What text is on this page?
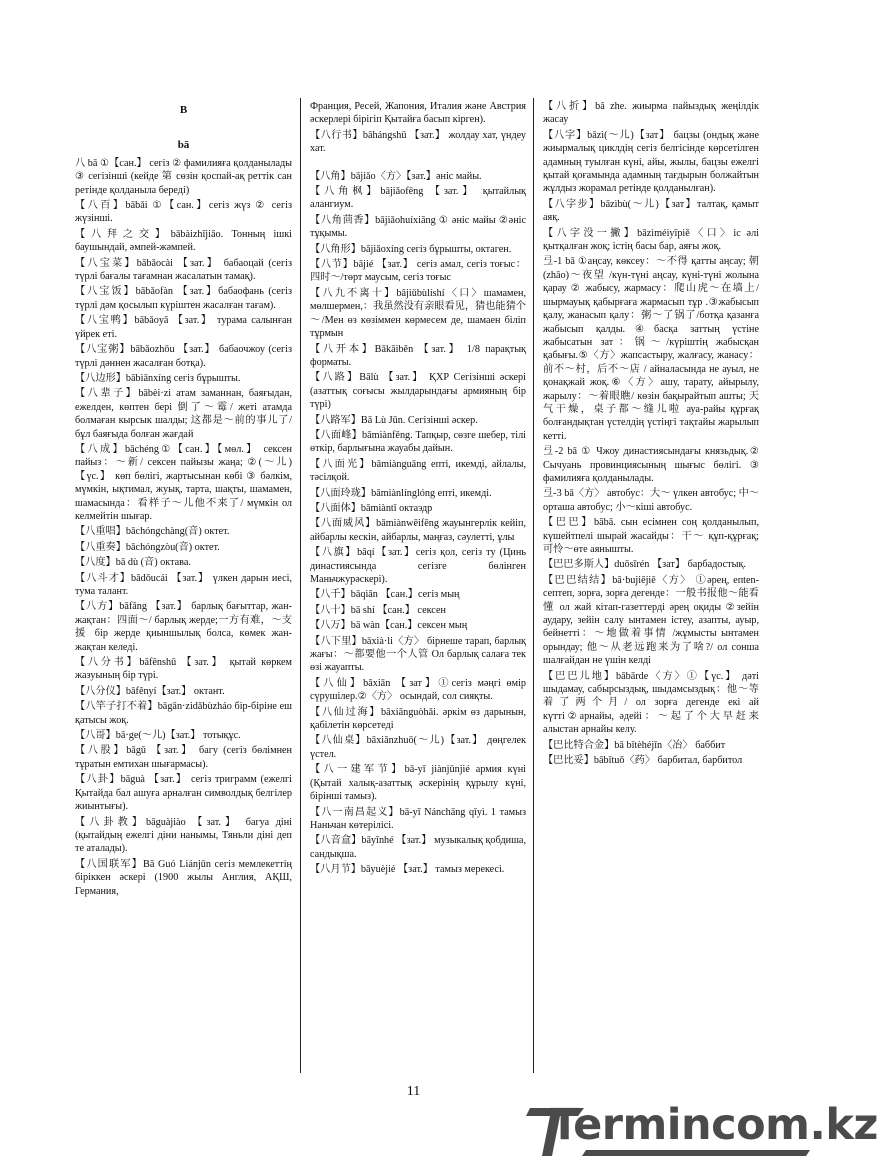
B
bā
八 bā ①【сан.】 сегіз ② фамилияға қолданылады ③ сегізінші (кейде 第 сөзін қоспай-ақ реттік сан ретінде қолданыла береді)
【八百】bābǎi ①【сан.】сегіз жүз ② сегіз жүзінші.
【八拜之交】bābàizhījiāo. Тонның ішкі баушындай, әмпей-жәмпей.
【八宝菜】bābǎocài 【зат.】 бабаоцай (сегіз түрлі бағалы тағамнан жасалатын тамақ).
【八宝饭】bābǎofàn 【зат.】бабаофань (сегіз түрлі дәм қосылып күріштен жасалған тағам).
【八宝鸭】bābǎoyā 【зат.】 турама салынған үйрек еті.
【八宝粥】bābǎozhōu 【зат.】 бабаочжоу (сегіз түрлі дәннен жасалған ботқа).
【八边形】bābiānxíng сегіз бұрышты.
【八辈子】bābèi·zi атам заманнан, баяғыдан, ежелден, көптен бері 倒了～霉/ жеті атамда болмаған кырсык шалды; 这都是～前的事儿了/ бұл баяғыда болған жағдай
【八成】bāchéng①【сан.】【мөл.】 сексен пайыз：～新/ сексен пайызы жаңа; ②(～儿)【үс.】 көп бөлігі, жартысынан көбі ③ бәлкім, мүмкін, ықтимал, жуық, тарта, шақты, шамамен, шамасында：看样子～儿他不来了/ мүмкін ол келмейтін шығар.
【八重唱】bāchóngchàng(音) октет.
【八重奏】bāchóngzòu(音) октет.
【八度】bā dù (音) октава.
【八斗才】bādǒucái 【зат.】 үлкен дарын иесі, тума талант.
【八方】bāfāng 【зат.】 барлық бағыттар, жан-жақтан：四面～/ барлық жерде;一方有难，～支援 бір жерде қиыншылық болса, көмек жан-жақтан келеді.
【八分书】bāfēnshū 【зат.】 қытай көркем жазуының бір түрі.
【八分仪】bāfēnyí【зат.】 октант.
【八竿子打不着】bāgān·zidǎbùzháo бір-біріне еш қатысы жоқ.
【八哥】bā·ge(～儿)【зат.】 тотықұс.
【八股】bāgǔ 【зат.】 багу (сегіз бөлімнен тұратын емтихан шығармасы).
【八卦】bāguà 【зат.】 сегіз триграмм (ежелгі Қытайда бал ашуға арналған символдық белгілер жиынтығы).
【八卦教】bāguàjiào 【зат.】 багуа діні (қытайдың ежелгі діни нанымы, Тяньли діні деп те аталады).
【八国联军】Bā Guó Liánjūn сегіз мемлекеттің біріккен әскері (1900 жылы Англия, АҚШ, Германия,
Франция, Ресей, Жапония, Италия және Австрия әскерлері бірігіп Қытайға басып кірген).
【八行书】bāhángshū 【зат.】 жолдау хат, үндеу хат.
【八角】bājiǎo〈方〉【зат.】әніс майы.
【八角枫】bājiǎofēng 【зат.】 қытайлық алангиум.
【八角茴香】bājiǎohuíxiāng ① әніс майы ②әніс тұқымы.
【八角形】bājiǎoxíng сегіз бұрышты, октаген.
【八节】bājié 【зат.】 сегіз амал, сегіз тоғыс：四时～/төрт маусым, сегіз тоғыс
【八九不离十】bājiǔbùlíshí〈口〉шамамен, мөлшермен,：我虽然没有亲眼看见，猜也能猜个～/Мен өз көзіммен көрмесем де, шамаен біліп тұрмын
【八开本】Bākāiběn 【зат.】 1/8 парақтық форматы.
【八路】Bālù 【зат.】 ҚХР Сегізінші әскері (азаттық соғысы жылдарындағы армияның бір түрі)
【八路军】Bā Lù Jūn. Сегізінші әскер.
【八面峰】bāmiànfēng. Тапқыр, сөзге шебер, тілі өткір, барлығына жауабы дайын.
【八面光】bāmiànguāng епті, икемді, айлалы, тәсілқой.
【八面玲珑】bāmiànlínglóng епті, икемді.
【八面体】bāmiàntǐ октаэдр
【八面威风】bāmiànwēifēng жауынгерлік кейіп, айбарлы кескін, айбарлы, маңғаз, сәулетті, ұлы
【八旗】bāqí【зат.】сегіз қол, сегіз ту (Цинь династиясында сегізге бөлінген Маньчжурәскері).
【八千】bāqiān 【сан.】сегіз мың
【八十】bā shí 【сан.】 сексен
【八万】bā wàn【сан.】сексен мың
【八下里】bāxià·li〈方〉 бірнеше тарап, барлық жағы：～都要他一个人管 Ол барлық салаға тек өзі жауапты.
【八仙】bāxiān 【зат】①сегіз мәңгі өмір сүрушілер.②〈方〉 осындай, сол сияқты.
【八仙过海】bāxiānguòhǎi. әркім өз дарынын, қабілетін көрсетеді
【八仙桌】bāxiānzhuō(～儿)【зат.】 дөңгелек үстел.
【八一建军节】bā-yī jiànjūnjié армия күні (Қытай халық-азаттық әскерінің құрылу күні, бірінші тамыз).
【八一南昌起义】bā-yī Nánchāng qǐyì. 1 тамыз Наньчан көтерілісі.
【八音盒】bāyīnhé 【зат.】 музыкалық қобдиша, сандықша.
【八月节】bāyuèjié 【зат.】 тамыз мерекесі.
【八折】bā zhe. жиырма пайыздық жеңілдік жасау
【八字】bāzì(～儿)【зат】 бацзы (ондық және жиырмалық циклдің сегіз белгісінде көрсетілген адамның туылған күні, айы, жылы, бацзы ежелгі қытай қоғамында адамның тағдырын болжайтын жұлдыз жорамал ретінде қолданылған).
【八字步】bāzìbù(～儿)【зат】талтақ, қамыт аяқ.
【八字没一撇】bāzìméiyīpiě〈口〉іс әлі қытқалған жоқ; істің басы бар, аяғы жоқ.
弖-1 bā ①аңсау, көксеу：～不得 қатты аңсау; 朝(zhāo)～夜望 /күн-түні аңсау, күні-түні жолына қарау ② жабысу, жармасу：爬山虎～在墙上/шырмауық қабырғаға жармасып тұр .③жабысып қалу, жанасып қалу：粥～了锅了/ботқа қазанға жабысып қалды.④басқа заттың үстіне жабысатын зат：锅～/күріштің жабысқан қабығы.⑤〈方〉жапсастыру, жалғасу, жанасу：前不～村，后不～店 / айналасында не ауыл, не қонақжай жоқ.⑥〈方〉ашу, тарату, айырылу, жарылу：～着眼瞧/ көзін бақырайтып ашты; 天气干燥，桌子都～缝儿啦 ауа-райы құрғақ болғандықтан үстелдің үстіңгі тақтайы жарылып кетті.
弖-2 bā ① Чжоу династиясындағы князьдық.② Сычуань провинциясының шығыс бөлігі. ③ фамилияға қолданылады.
弖-3 bā〈方〉 автобус：大～ үлкен автобус; 中～орташа автобус; 小～кіші автобус.
【巴巴】bābā. сын есімнен соң қолданылып, күшейтпелі шырай жасайды：干～ құп-құрғақ;可怜～өте аянышты.
【巴巴多斯人】duōsīrén 【зат】 барбадостық.
【巴巴结结】bā·bujiējiē〈方〉 ①әрең, епten-септеп, зорға, зорға дегенде：一般书报他～能看懂 ол жай кітап-газеттерді әрең оқиды ②зейін аудару, зейін салу ынтамен істеу, азапты, ауыр, бейнетті：～地做着事情 /жұмысты ынтамен орындау; 他～从老远跑来为了啥?/ ол соншa шалғайдан не үшін келді
【巴巴儿地】bābārde〈方〉①【үс.】 дәті шыдамау, сабырсыздық, шыдамсыздық：他～等着了两个月/ ол зорға дегенде екі ай күтті②арнайы, әдейі：～起了个大早赶来 алыстан арнайы келу.
【巴比特合金】bā bǐtèhéjīn〈冶〉 баббит
【巴比妥】bābǐtuǒ〈药〉 барбитал, барбитол
11
Termincom.kz
